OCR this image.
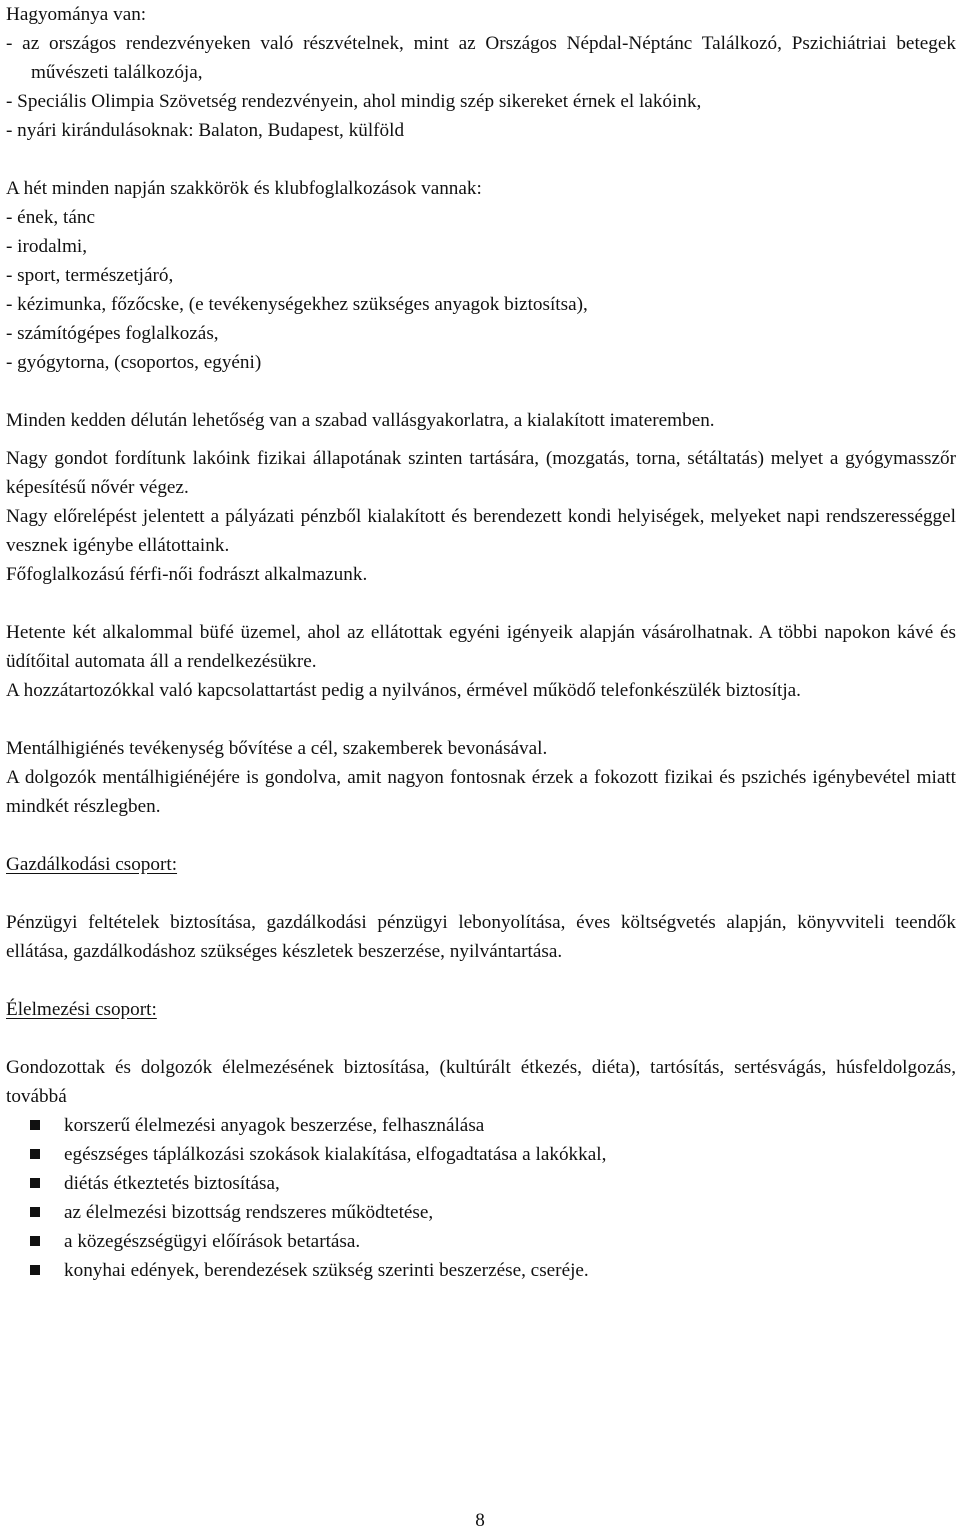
Hagyománya van:

- az országos rendezvényeken való részvételnek, mint az Országos Népdal-Néptánc Találkozó, Pszichiátriai betegek művészeti találkozója,

- Speciális Olimpia Szövetség rendezvényein, ahol mindig szép sikereket érnek el lakóink,

- nyári kirándulásoknak: Balaton, Budapest, külföld

A hét minden napján szakkörök és klubfoglalkozások vannak:

- ének, tánc

- irodalmi,

- sport, természetjáró,

- kézimunka, főzőcske, (e tevékenységekhez szükséges anyagok biztosítsa),

- számítógépes foglalkozás,

- gyógytorna, (csoportos, egyéni)

Minden kedden délután lehetőség van a szabad vallásgyakorlatra, a kialakított imateremben.

Nagy gondot fordítunk lakóink fizikai állapotának szinten tartására, (mozgatás, torna, sétáltatás) melyet a gyógymasszőr képesítésű nővér végez.

Nagy előrelépést jelentett a pályázati pénzből kialakított és berendezett kondi helyiségek, melyeket napi rendszerességgel vesznek igénybe ellátottaink.

Főfoglalkozású férfi-női fodrászt alkalmazunk.

Hetente két alkalommal büfé üzemel, ahol az ellátottak egyéni igényeik alapján vásárolhatnak. A többi napokon kávé és üdítőital automata áll a rendelkezésükre.

A hozzátartozókkal való kapcsolattartást pedig a nyilvános, érmével működő telefonkészülék biztosítja.

Mentálhigiénés tevékenység bővítése a cél, szakemberek bevonásával.

A dolgozók mentálhigiénéjére is gondolva, amit nagyon fontosnak érzek a fokozott fizikai és pszichés igénybevétel miatt mindkét részlegben.

Gazdálkodási csoport:

Pénzügyi feltételek biztosítása, gazdálkodási pénzügyi lebonyolítása, éves költségvetés alapján, könyvviteli teendők ellátása, gazdálkodáshoz szükséges készletek beszerzése, nyilvántartása.

Élelmezési csoport:

Gondozottak és dolgozók élelmezésének biztosítása, (kultúrált étkezés, diéta), tartósítás, sertésvágás, húsfeldolgozás, továbbá

korszerű élelmezési anyagok beszerzése, felhasználása
egészséges táplálkozási szokások kialakítása, elfogadtatása a lakókkal,
diétás étkeztetés biztosítása,
az élelmezési bizottság rendszeres működtetése,
a közegészségügyi előírások betartása.
konyhai edények, berendezések szükség szerinti beszerzése, cseréje.
8
